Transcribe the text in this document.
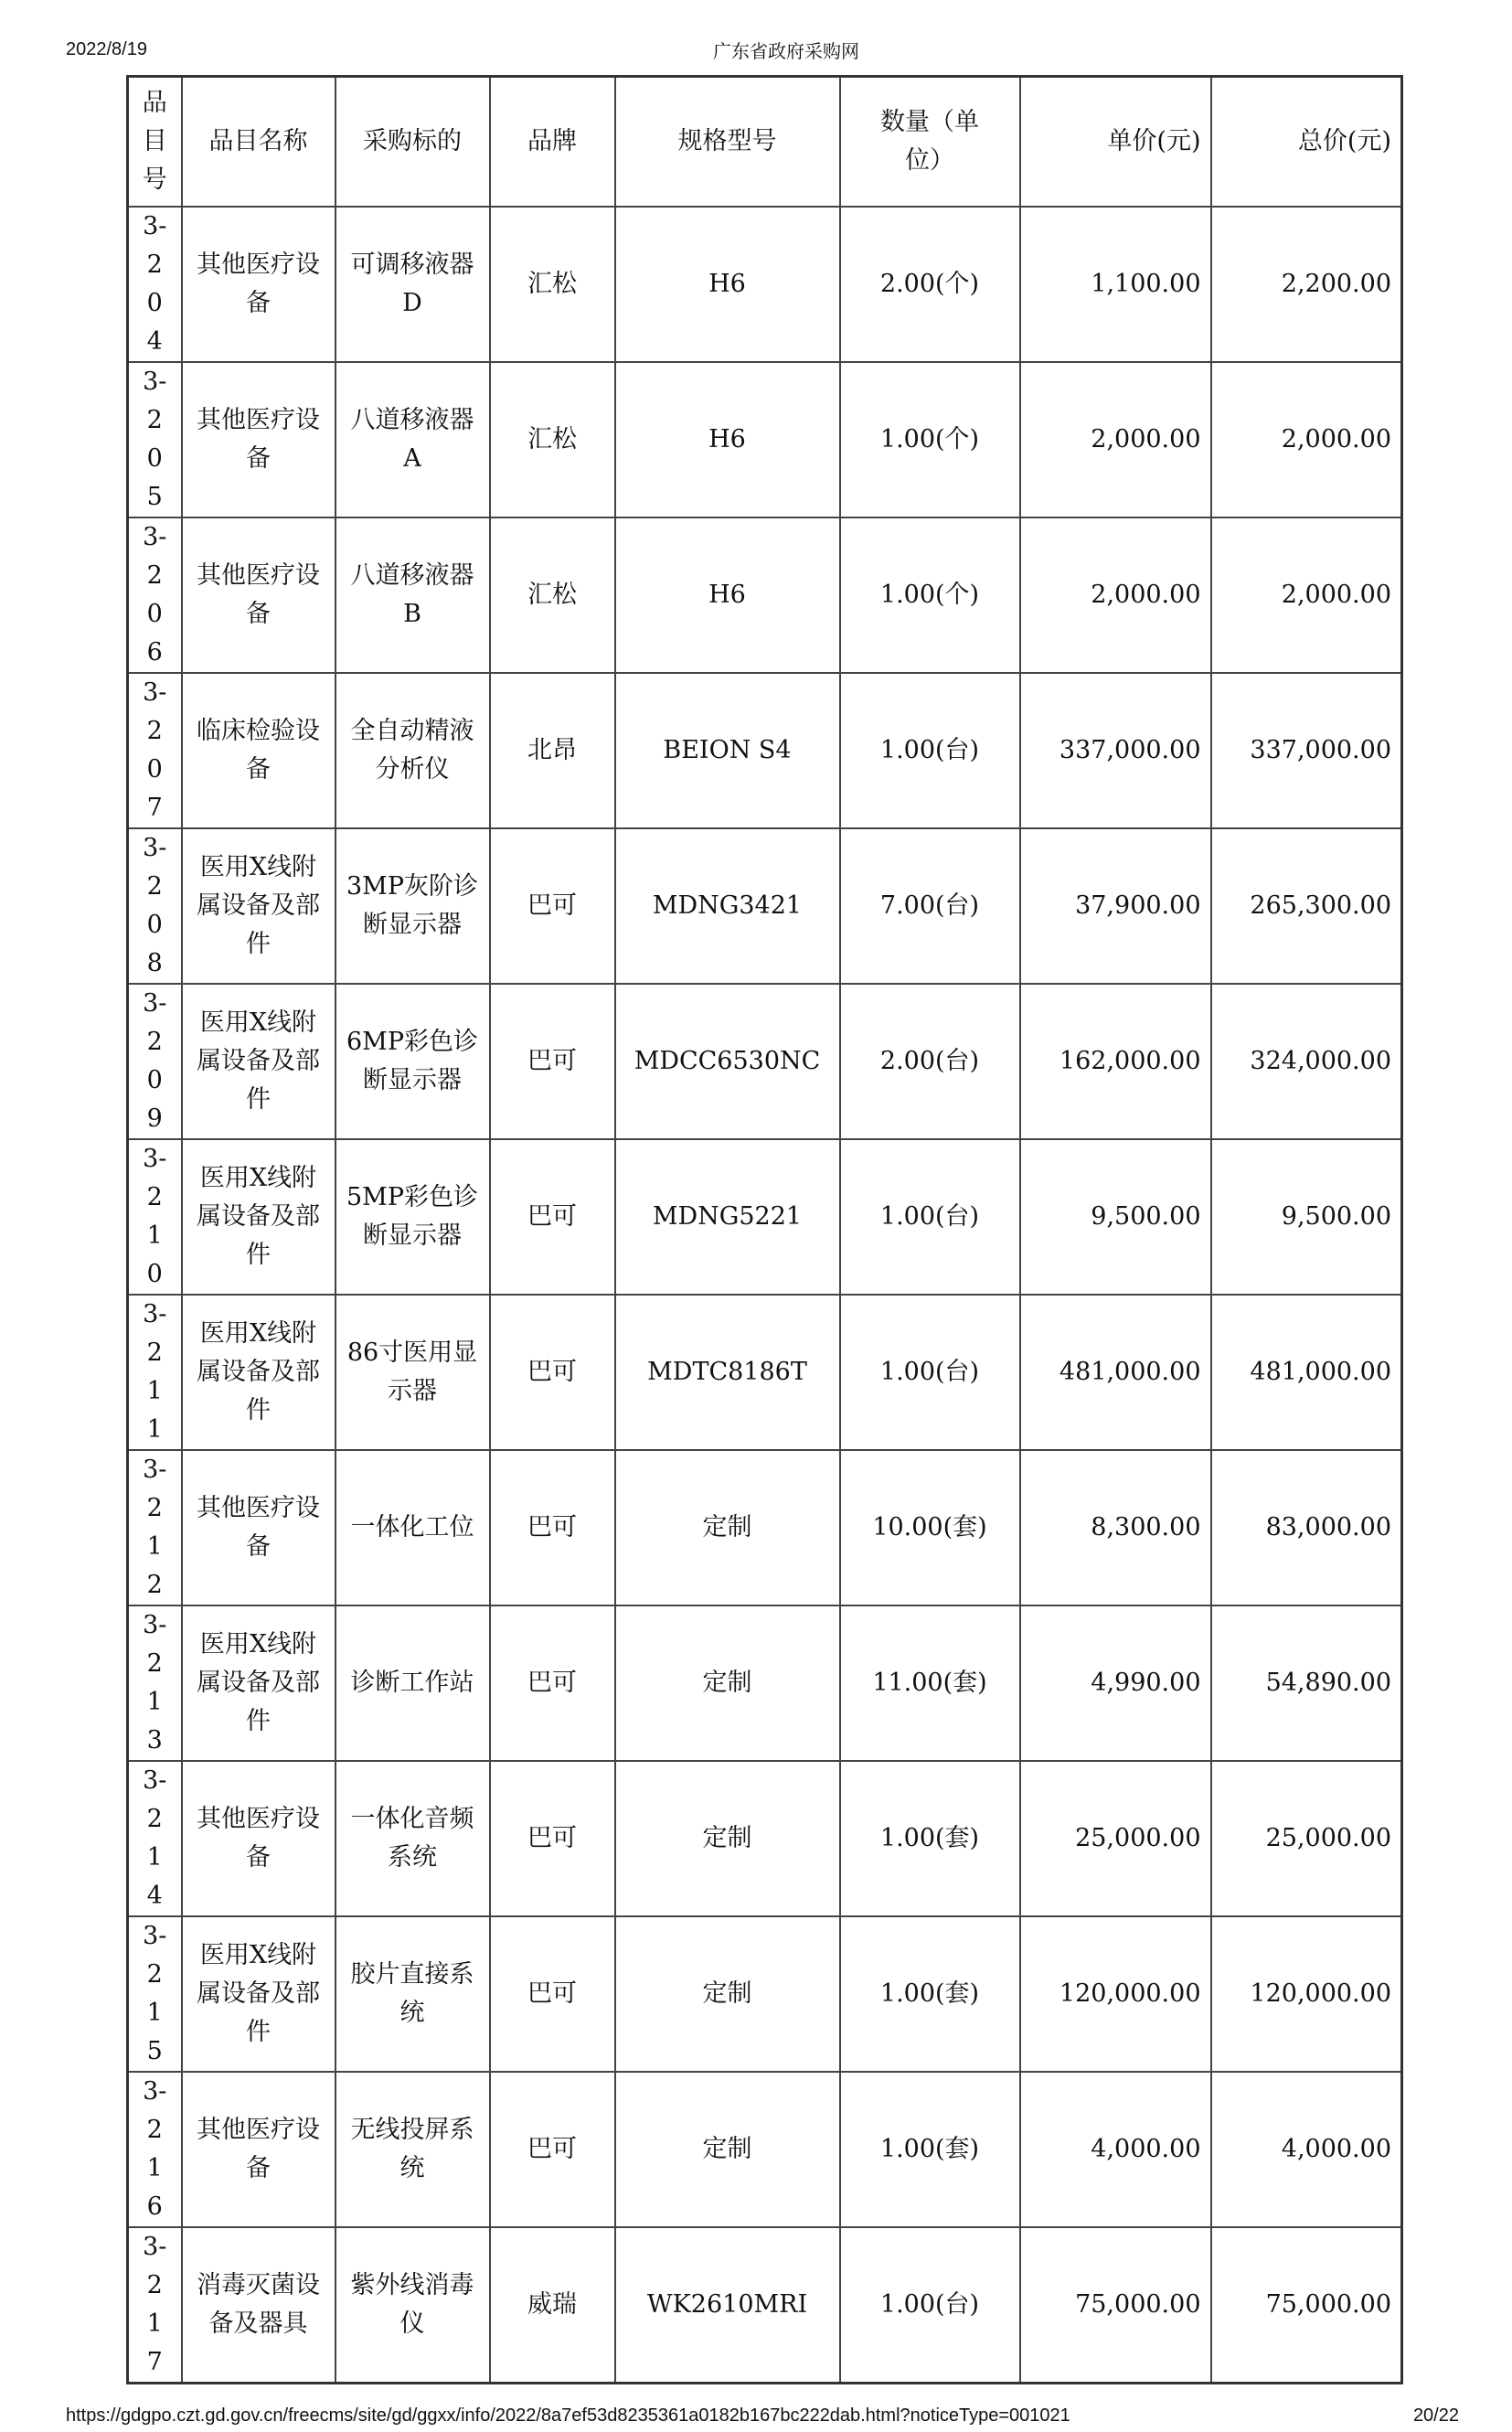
2022/8/19	广东省政府采购网
品目号	品目名称	采购标的	品牌	规格型号	数量（单位）	单价(元)	总价(元)
3-204	其他医疗设备	可调移液器D	汇松	H6	2.00(个)	1,100.00	2,200.00
3-205	其他医疗设备	八道移液器A	汇松	H6	1.00(个)	2,000.00	2,000.00
3-206	其他医疗设备	八道移液器B	汇松	H6	1.00(个)	2,000.00	2,000.00
3-207	临床检验设备	全自动精液分析仪	北昂	BEION S4	1.00(台)	337,000.00	337,000.00
3-208	医用X线附属设备及部件	3MP灰阶诊断显示器	巴可	MDNG3421	7.00(台)	37,900.00	265,300.00
3-209	医用X线附属设备及部件	6MP彩色诊断显示器	巴可	MDCC6530NC	2.00(台)	162,000.00	324,000.00
3-210	医用X线附属设备及部件	5MP彩色诊断显示器	巴可	MDNG5221	1.00(台)	9,500.00	9,500.00
3-211	医用X线附属设备及部件	86寸医用显示器	巴可	MDTC8186T	1.00(台)	481,000.00	481,000.00
3-212	其他医疗设备	一体化工位	巴可	定制	10.00(套)	8,300.00	83,000.00
3-213	医用X线附属设备及部件	诊断工作站	巴可	定制	11.00(套)	4,990.00	54,890.00
3-214	其他医疗设备	一体化音频系统	巴可	定制	1.00(套)	25,000.00	25,000.00
3-215	医用X线附属设备及部件	胶片直接系统	巴可	定制	1.00(套)	120,000.00	120,000.00
3-216	其他医疗设备	无线投屏系统	巴可	定制	1.00(套)	4,000.00	4,000.00
3-217	消毒灭菌设备及器具	紫外线消毒仪	威瑞	WK2610MRI	1.00(台)	75,000.00	75,000.00
https://gdgpo.czt.gd.gov.cn/freecms/site/gd/ggxx/info/2022/8a7ef53d8235361a0182b167bc222dab.html?noticeType=001021	20/22
